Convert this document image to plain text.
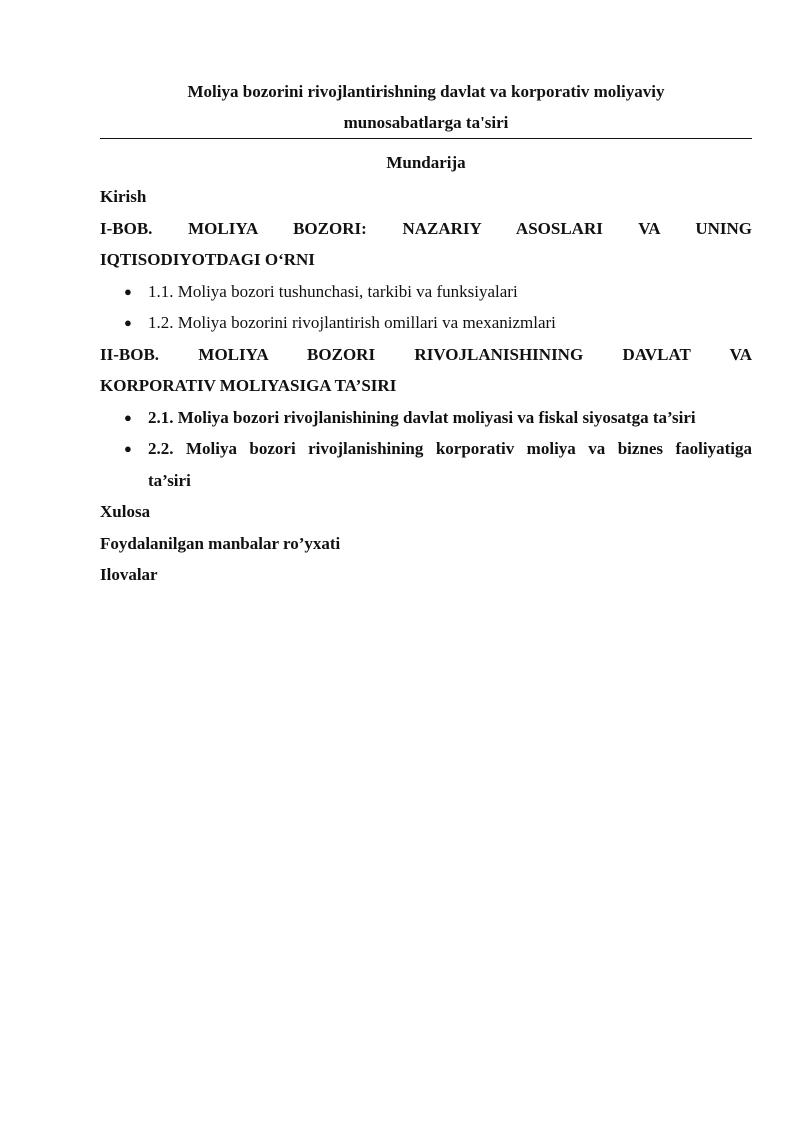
Moliya bozorini rivojlantirishning davlat va korporativ moliyaviy
munosabatlarga ta'siri
Mundarija

Kirish

I-BOB. MOLIYA BOZORI: NAZARIY ASOSLARI VA UNING
IQTISODIYOTDAGI O‘RNI

● 1.1. Moliya bozori tushunchasi, tarkibi va funksiyalari

● 1.2. Moliya bozorini rivojlantirish omillari va mexanizmlari

II-BOB. MOLIYA BOZORI RIVOJLANISHINING DAVLAT VA
KORPORATIV MOLIYASIGA TA’SIRI

● 2.1. Moliya bozori rivojlanishining davlat moliyasi va fiskal siyosatga ta’siri

● 2.2. Moliya bozori rivojlanishining korporativ moliya va biznes faoliyatiga
ta’siri

Xulosa

Foydalanilgan manbalar ro’yxati

Ilovalar
